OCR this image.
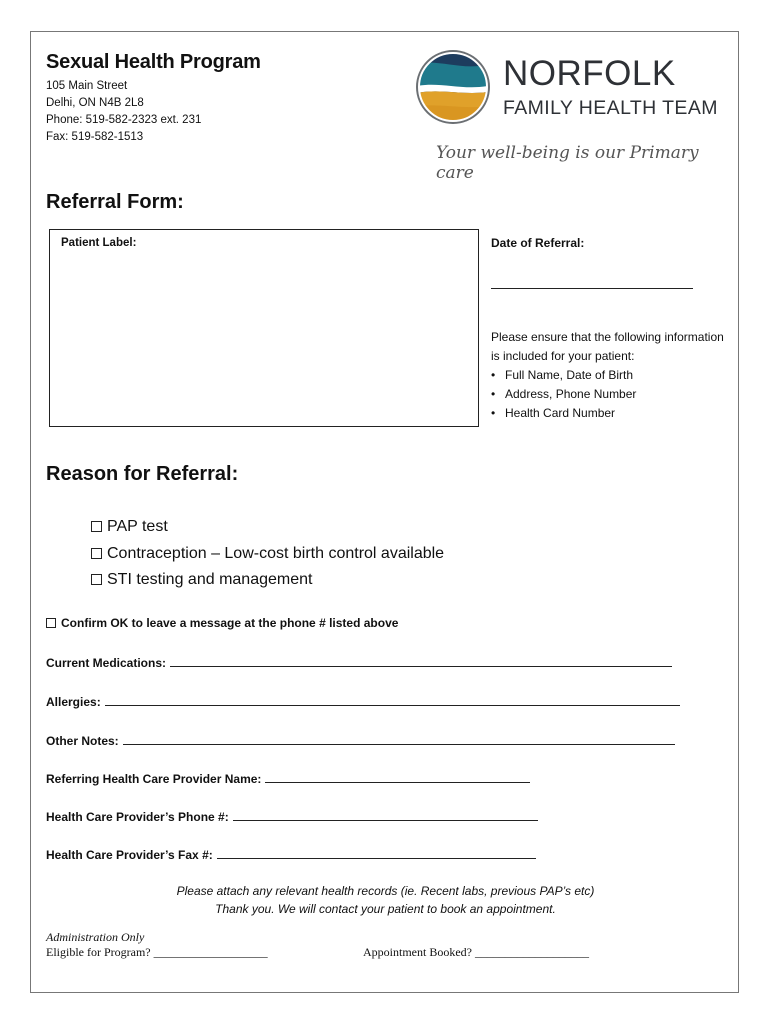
Sexual Health Program
105 Main Street
Delhi, ON N4B 2L8
Phone: 519-582-2323 ext. 231
Fax: 519-582-1513
NORFOLK
FAMILY HEALTH TEAM
Your well-being is our Primary care
Referral Form:
Patient Label:	Date of Referral:
Please ensure that the following information is included for your patient:
• Full Name, Date of Birth
• Address, Phone Number
• Health Card Number
Reason for Referral:
PAP test
Contraception – Low-cost birth control available
STI testing and management
Confirm OK to leave a message at the phone # listed above
Current Medications:
Allergies:
Other Notes:
Referring Health Care Provider Name:
Health Care Provider’s Phone #:
Health Care Provider’s Fax #:
Please attach any relevant health records (ie. Recent labs, previous PAP’s etc)
Thank you. We will contact your patient to book an appointment.
Administration Only
Eligible for Program? ___________________	Appointment Booked? ___________________
